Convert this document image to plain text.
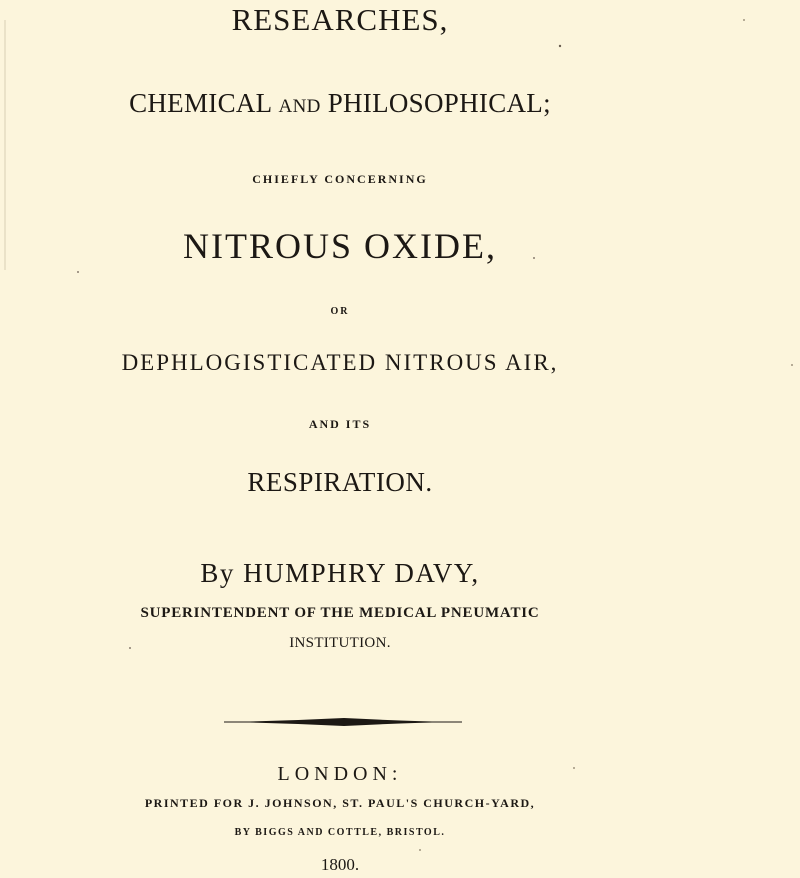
RESEARCHES,
CHEMICAL AND PHILOSOPHICAL;
CHIEFLY CONCERNING
NITROUS OXIDE,
OR
DEPHLOGISTICATED NITROUS AIR,
AND ITS
RESPIRATION.
By HUMPHRY DAVY,
SUPERINTENDENT OF THE MEDICAL PNEUMATIC
INSTITUTION.
LONDON:
PRINTED FOR J. JOHNSON, ST. PAUL'S CHURCH-YARD,
BY BIGGS AND COTTLE, BRISTOL.
1800.
